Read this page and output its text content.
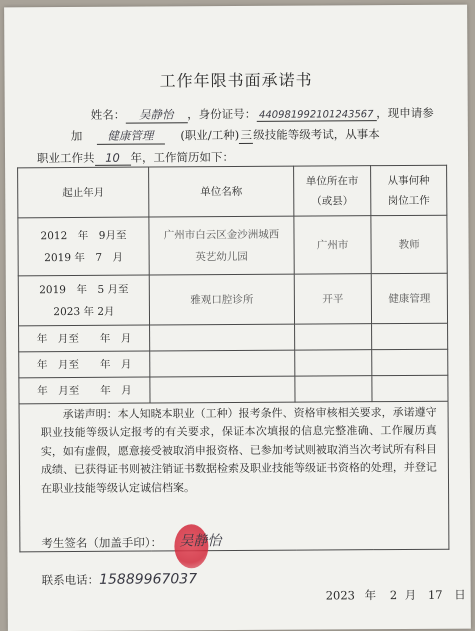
工作年限书面承诺书
姓名： 吴静怡 ，身份证号： 440981992101243567 ，现申请参
加 健康管理 (职业/工种)三级技能等级考试，从事本
职业工作共 10 年，工作简历如下：
起止年月	单位名称	单位所在市（或县）	从事何种岗位工作

2012　年　9月至
2019 年　7　月	广州市白云区金沙洲城西英艺幼儿园	广州市	教师

2019　年　5 月至
2023 年 2月	雅观口腔诊所	开平	健康管理
年　月至　　年　月			
年　月至　　年　月			
年　月至　　年　月			

承诺声明：本人知晓本职业（工种）报考条件、资格审核相关要求，承诺遵守职业技能等级认定报考的有关要求，保证本次填报的信息完整准确、工作履历真实，如有虚假，愿意接受被取消申报资格、已参加考试则被取消当次考试所有科目成绩、已获得证书则被注销证书数据检索及职业技能等级证书资格的处理，并登记在职业技能等级认定诚信档案。
考生签名（加盖手印）： 吴静怡
联系电话：15889967037
2023 年 2 月 17 日
